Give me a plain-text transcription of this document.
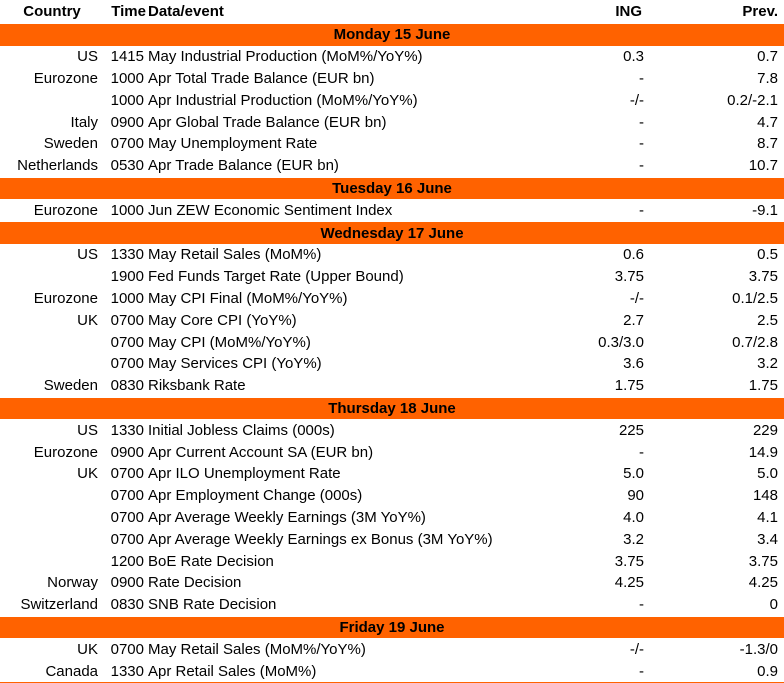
Country	Time	Data/event	ING	Prev.
Monday 15 June				
US	1415	May Industrial Production (MoM%/YoY%)	0.3	0.7
Eurozone	1000	Apr Total Trade Balance (EUR bn)	-	7.8
	1000	Apr Industrial Production (MoM%/YoY%)	-/-	0.2/-2.1
Italy	0900	Apr Global Trade Balance (EUR bn)	-	4.7
Sweden	0700	May Unemployment Rate	-	8.7
Netherlands	0530	Apr Trade Balance (EUR bn)	-	10.7
Tuesday 16 June				
Eurozone	1000	Jun ZEW Economic Sentiment Index	-	-9.1
Wednesday 17 June				
US	1330	May Retail Sales (MoM%)	0.6	0.5
	1900	Fed Funds Target Rate (Upper Bound)	3.75	3.75
Eurozone	1000	May CPI Final (MoM%/YoY%)	-/-	0.1/2.5
UK	0700	May Core CPI (YoY%)	2.7	2.5
	0700	May CPI (MoM%/YoY%)	0.3/3.0	0.7/2.8
	0700	May Services CPI (YoY%)	3.6	3.2
Sweden	0830	Riksbank Rate	1.75	1.75
Thursday 18 June				
US	1330	Initial Jobless Claims (000s)	225	229
Eurozone	0900	Apr Current Account SA (EUR bn)	-	14.9
UK	0700	Apr ILO Unemployment Rate	5.0	5.0
	0700	Apr Employment Change (000s)	90	148
	0700	Apr Average Weekly Earnings (3M YoY%)	4.0	4.1
	0700	Apr Average Weekly Earnings ex Bonus (3M YoY%)	3.2	3.4
	1200	BoE Rate Decision	3.75	3.75
Norway	0900	Rate Decision	4.25	4.25
Switzerland	0830	SNB Rate Decision	-	0
Friday 19 June				
UK	0700	May Retail Sales (MoM%/YoY%)	-/-	-1.3/0
Canada	1330	Apr Retail Sales (MoM%)	-	0.9
